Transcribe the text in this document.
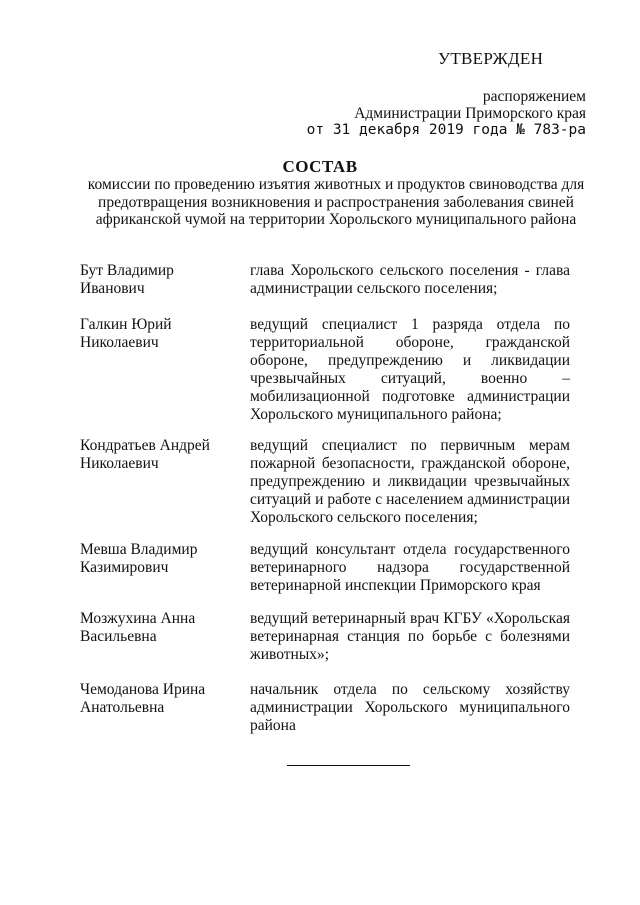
УТВЕРЖДЕН
распоряжением
Администрации Приморского края
от 31 декабря 2019 года № 783-ра
СОСТАВ
комиссии по проведению изъятия животных и продуктов свиноводства для
предотвращения возникновения и распространения заболевания свиней
африканской чумой на территории Хорольского муниципального района
Бут Владимир
Иванович
глава Хорольского сельского поселения - глава администрации сельского поселения;
Галкин Юрий
Николаевич
ведущий специалист 1 разряда отдела по территориальной обороне, гражданской обороне, предупреждению и ликвидации чрезвычайных ситуаций, военно – мобилизационной подготовке администрации Хорольского муниципального района;
Кондратьев Андрей
Николаевич
ведущий специалист по первичным мерам пожарной безопасности, гражданской обороне, предупреждению и ликвидации чрезвычайных ситуаций и работе с населением администрации Хорольского сельского поселения;
Мевша Владимир
Казимирович
ведущий консультант отдела государственного ветеринарного надзора государственной ветеринарной инспекции Приморского края
Мозжухина Анна
Васильевна
ведущий ветеринарный врач КГБУ «Хорольская ветеринарная станция по борьбе с болезнями животных»;
Чемоданова Ирина
Анатольевна
начальник отдела по сельскому хозяйству администрации Хорольского муниципального района
